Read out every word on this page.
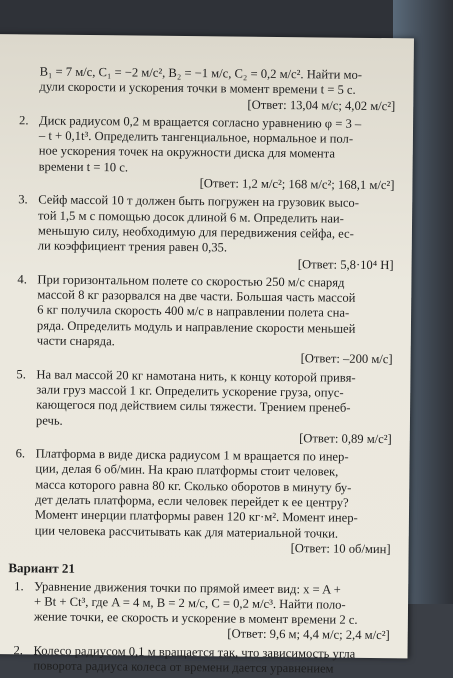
B₁ = 7 м/с, C₁ = −2 м/с², B₂ = −1 м/с, C₂ = 0,2 м/с². Найти мо-
дули скорости и ускорения точки в момент времени t = 5 с.
[Ответ: 13,04 м/с; 4,02 м/с²]
2. Диск радиусом 0,2 м вращается согласно уравнению φ = 3 –
– t + 0,1t³. Определить тангенциальное, нормальное и пол-
ное ускорения точек на окружности диска для момента
времени t = 10 с.
[Ответ: 1,2 м/с²; 168 м/с²; 168,1 м/с²]
3. Сейф массой 10 т должен быть погружен на грузовик высо-
той 1,5 м с помощью досок длиной 6 м. Определить наи-
меньшую силу, необходимую для передвижения сейфа, ес-
ли коэффициент трения равен 0,35.
[Ответ: 5,8·10⁴ Н]
4. При горизонтальном полете со скоростью 250 м/с снаряд
массой 8 кг разорвался на две части. Большая часть массой
6 кг получила скорость 400 м/с в направлении полета сна-
ряда. Определить модуль и направление скорости меньшей
части снаряда.
[Ответ: –200 м/с]
5. На вал массой 20 кг намотана нить, к концу которой привя-
зали груз массой 1 кг. Определить ускорение груза, опус-
кающегося под действием силы тяжести. Трением пренеб-
речь.
[Ответ: 0,89 м/с²]
6. Платформа в виде диска радиусом 1 м вращается по инер-
ции, делая 6 об/мин. На краю платформы стоит человек,
масса которого равна 80 кг. Сколько оборотов в минуту бу-
дет делать платформа, если человек перейдет к ее центру?
Момент инерции платформы равен 120 кг·м². Момент инер-
ции человека рассчитывать как для материальной точки.
[Ответ: 10 об/мин]
Вариант 21
1. Уравнение движения точки по прямой имеет вид: x = A +
+ Bt + Ct³, где A = 4 м, B = 2 м/с, C = 0,2 м/с³. Найти поло-
жение точки, ее скорость и ускорение в момент времени 2 с.
[Ответ: 9,6 м; 4,4 м/с; 2,4 м/с²]
2. Колесо радиусом 0,1 м вращается так, что зависимость угла
поворота радиуса колеса от времени дается уравнением
